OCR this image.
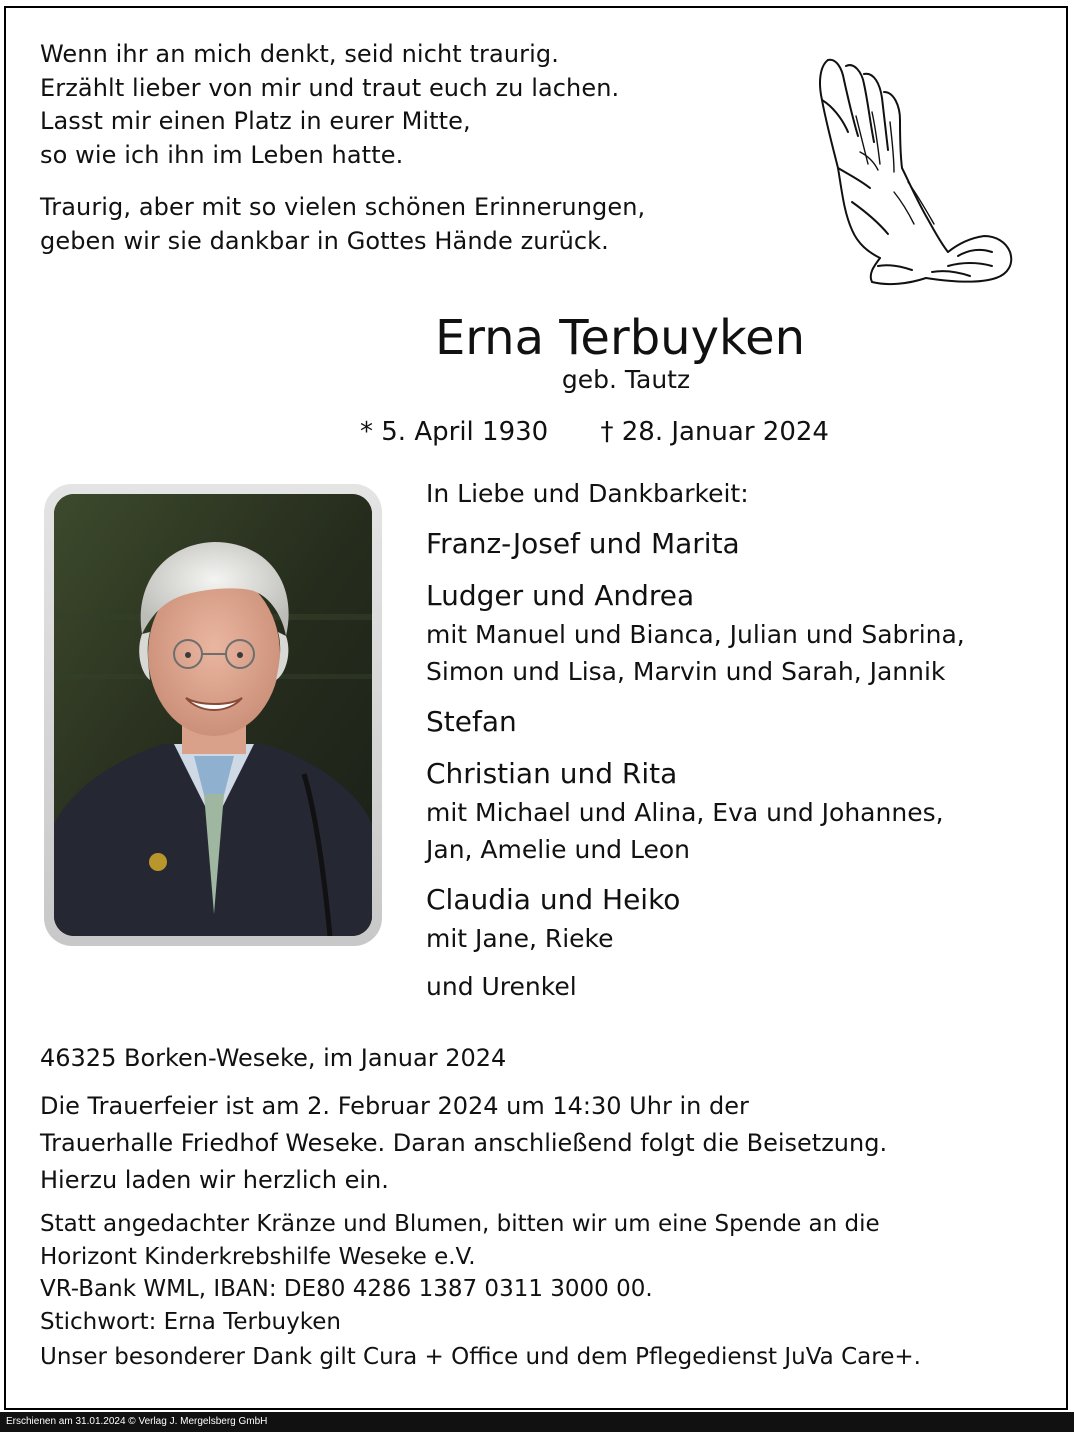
Wenn ihr an mich denkt, seid nicht traurig.
Erzählt lieber von mir und traut euch zu lachen.
Lasst mir einen Platz in eurer Mitte,
so wie ich ihn im Leben hatte.

Traurig, aber mit so vielen schönen Erinnerungen,
geben wir sie dankbar in Gottes Hände zurück.

Erna Terbuyken
geb. Tautz
* 5. April 1930 † 28. Januar 2024
In Liebe und Dankbarkeit:
Franz-Josef und Marita
Ludger und Andrea
mit Manuel und Bianca, Julian und Sabrina,
Simon und Lisa, Marvin und Sarah, Jannik
Stefan
Christian und Rita
mit Michael und Alina, Eva und Johannes,
Jan, Amelie und Leon
Claudia und Heiko
mit Jane, Rieke
und Urenkel
46325 Borken-Weseke, im Januar 2024
Die Trauerfeier ist am 2. Februar 2024 um 14:30 Uhr in der
Trauerhalle Friedhof Weseke. Daran anschließend folgt die Beisetzung.
Hierzu laden wir herzlich ein.
Statt angedachter Kränze und Blumen, bitten wir um eine Spende an die
Horizont Kinderkrebshilfe Weseke e.V.
VR-Bank WML, IBAN: DE80 4286 1387 0311 3000 00.
Stichwort: Erna Terbuyken
Unser besonderer Dank gilt Cura + Office und dem Pflegedienst JuVa Care+.
Erschienen am 31.01.2024 © Verlag J. Mergelsberg GmbH
